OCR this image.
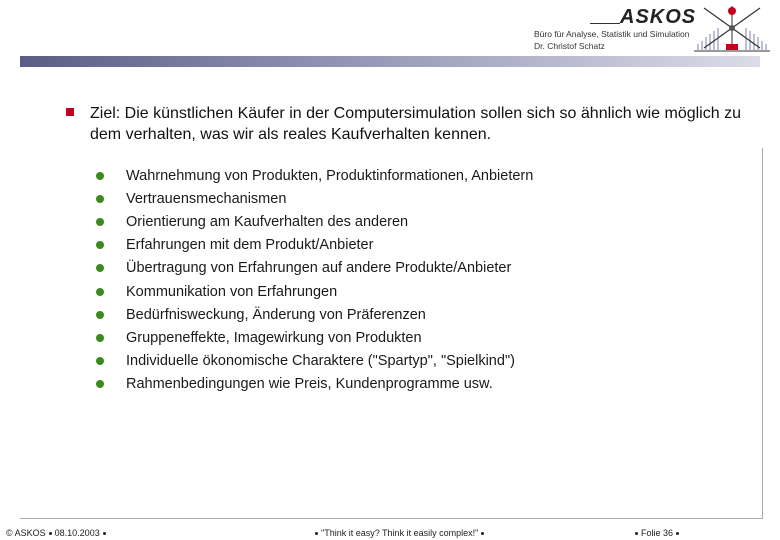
ASKOS
Büro für Analyse, Statistik und Simulation
Dr. Christof Schatz
Ziel: Die künstlichen Käufer in der Computersimulation sollen sich so ähnlich wie möglich zu dem verhalten, was wir als reales Kaufverhalten kennen.
Wahrnehmung von Produkten, Produktinformationen, Anbietern
Vertrauensmechanismen
Orientierung am Kaufverhalten des anderen
Erfahrungen mit dem Produkt/Anbieter
Übertragung von Erfahrungen auf andere Produkte/Anbieter
Kommunikation von Erfahrungen
Bedürfnisweckung, Änderung von Präferenzen
Gruppeneffekte, Imagewirkung von Produkten
Individuelle ökonomische Charaktere ("Spartyp", "Spielkind")
Rahmenbedingungen wie Preis, Kundenprogramme usw.
© ASKOS 08.10.2003	"Think it easy? Think it easily complex!"	Folie 36
